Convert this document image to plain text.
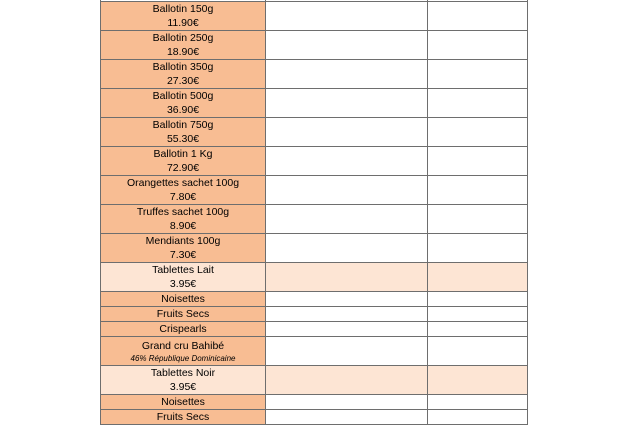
Ballotin 150g
11.90€		

Ballotin 250g
18.90€		

Ballotin 350g
27.30€		

Ballotin 500g
36.90€		

Ballotin 750g
55.30€		

Ballotin 1 Kg
72.90€		

Orangettes sachet 100g
7.80€		

Truffes sachet 100g
8.90€		

Mendiants 100g
7.30€		

Tablettes Lait
3.95€		

Noisettes		

Fruits Secs		

Crispearls		

Grand cru Bahibé
46% République Dominicaine		

Tablettes Noir
3.95€		

Noisettes		

Fruits Secs		
